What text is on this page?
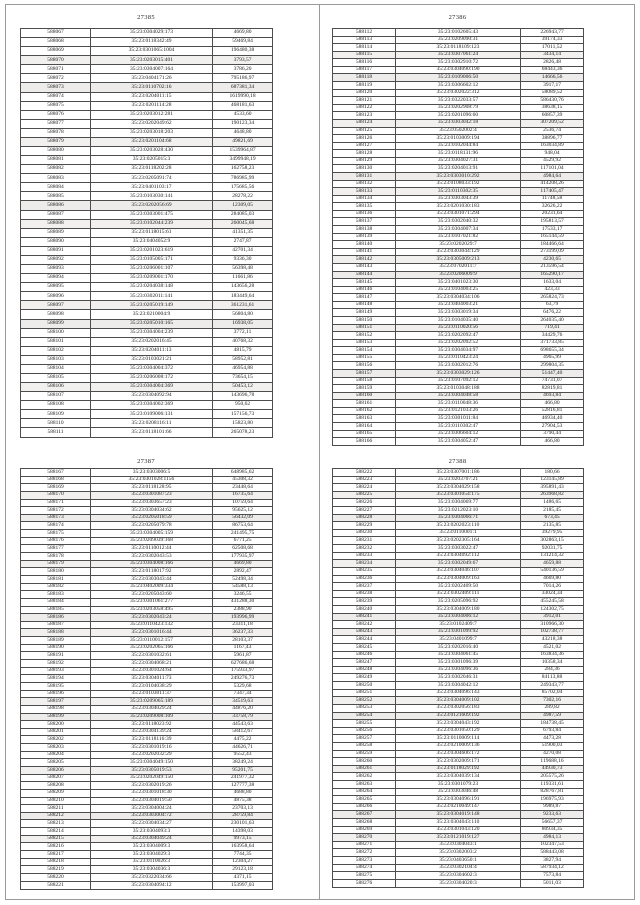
27385
588067	35:23:0304029:173	4669,80
588068	35:23:0118342:49	59469,84
588069	35:23:0301065:1004	196480,38
588070	35:23:0203015:401	3793,57
588071	35:23:0304007:164	3786,20
588072	35:23:0404171:26	795186,97
588073	35:23:0110702:16	687381,34
588074	35:23:0204011:15	1619990,18
588075	35:23:0201114:28	468181,63
588076	35:23:0203012:281	4533,60
588077	35:23:0202049:62	190123,34
588078	35:23:0203018:203	4648,80
588079	35:23:0201104:68	49821,69
588080	35:23:0203028:430	1539964,87
588081	35:23:0205015:3	3499948,19
588082	35:23:0118202:28	162758,23
588083	35:23:0205091:74	786985,99
588084	35:23:0401103:17	175685,56
588085	35:23:0103030:141	28278,22
588086	35:23:0202056:69	12309,05
588087	35:23:0303001:475	284085,03
588088	35:23:0102044:239	260045,68
588089	35:23:0118015:61	41351,35
588090	35:23:0404052:9	2747,87
588091	35:23:0201023:619	42701,34
588092	35:23:0105005:171	9336,30
588093	35:23:0206001:107	56398,48
588094	35:23:0209001:170	11661,86
588095	35:23:0204038:148	143656,28
588096	35:23:0302011:141	183449,64
588097	35:23:0205019:149	361231,61
588098	35:23:0210004:9	56804,80
588099	35:23:0205010:165	16938,05
588100	35:23:0304004:239	3772,11
588101	35:23:0202016:45	40768,32
588102	35:23:0204011:13	4815,79
588103	35:23:0103021:21	58952,81
588104	35:23:0304004:372	46954,88
588105	35:23:0206008:172	73654,15
588106	35:23:0304004:369	50453,12
588107	35:23:0304092:94	143696,78
588108	35:23:0304002:369	950,62
588109	35:23:0109006:131	157156,73
588110	35:23:0208116:11	15823,80
588111	35:23:0118101:66	265078,23
27386
588112	35:23:0102605:43	226943,77
588113	35:23:0209090:31	39174,33
588114	35:23:0118109:123	17011,52
588115	35:23:0307061:24	3434,14
588116	35:23:0302910:72	2826,48
588117	35:23:0304090:190	68443,36
588118	35:23:0109006:50	14666,56
588119	35:23:0306602:12	3917,17
588120	35:23:0302022:312	58089,52
588121	35:23:0322033:57	586430,76
588122	35:23:0202908:79	38638,15
588123	35:23:0201096:60	60857,39
588124	35:23:0303042:18	307209,52
588125	35:23:0502002:4	2536,74
588126	35:23:0103009:194	38896,77
588127	35:23:0102044:84	163034,89
588128	35:23:0118131:96	948,04
588129	35:23:0304027:31	4529,92
588130	35:23:0204013:91	117101,04
588131	35:23:0303010:292	4984,64
588132	35:23:0108033:192	414208,26
588133	35:23:0110302:35	117405,47
588134	35:23:0303043:39	11748,58
588135	35:23:0201030:183	32626,22
588136	35:23:0301071:294	20231,64
588137	35:23:0302040:32	195813,57
588138	35:23:0304007:34	17533,17
588139	35:23:0107021:82	165144,59
588140	35:23:0202029:7	184466,64
588141	35:23:0303044:129	273199,09
588142	35:23:0305009:213	4230,65
588143	35:23:0702011:7	213596,54
588144	35:23:0206009:9	165290,17
588145	35:23:0401023:30	1633,04
588146	35:23:0104003:25	423,33
588147	35:23:0304034:106	265824,73
588148	35:23:0404003:21	63,79
588149	35:23:0303019:34	6476,22
588150	35:23:0104035:40	264035,40
588151	35:23:0110020:56	719,41
588152	35:23:0202092:47	34429,76
588153	35:23:0202092:52	371733,85
588154	35:23:0304034:97	698655,34
588155	35:23:0110423:24	4965,99
588156	35:23:0302012:76	299804,35
588157	35:23:0303029:126	51447,40
588158	35:23:0107092:12	74731,07
588159	35:23:0103048:188	82819,81
588160	35:23:0304048:58	4693,84
588161	35:23:0110048:36	466,80
588162	35:23:0121033:26	52816,81
588163	35:23:0301011:84	46934,40
588164	35:23:0110302:47	27904,53
588165	35:23:0306604:12	3790,44
588166	35:23:0304052:47	466,80
27387
588167	35:23:0303006:5	648985,62
588168	35:23:0301028:1156	45308,32
588169	35:23:0118128:95	23448,64
588170	35:23:0301087:23	16735,64
588171	35:23:0303657:23	10759,64
588172	35:23:0304034:62	95625,12
588173	35:23:0205018:59	56432,09
588174	35:23:0205079:78	86753,64
588175	35:23:0304005:159	241495,75
588176	35:23:0209039:168	6771,25
588177	35:23:0110012:44	62508,68
588178	35:23:0302043:53	177935,97
588179	35:23:0304008:166	4669,80
588180	35:23:0118017:92	2892,47
588181	35:23:0303043:44	52498,34
588182	35:23:0402009:334	54588,13
588183	35:23:0205043:60	3246,55
588184	35:23:0301061:277	431288,30
588185	35:23:0203058:495	2388,90
588186	35:23:0302043:24	193996,99
588187	35:23:0110423:132	23311,18
588188	35:23:0301016:44	36237,33
588189	35:23:0110012:157	28103,37
588190	35:23:0202065:166	1167,43
588191	35:23:0301032:61	5961,87
588192	35:23:0304068:21	627686,68
588193	35:23:0301024:64	175933,97
588194	35:23:0304011:73	249276,73
588195	35:23:0104038:29	5329,68
588196	35:23:0103011:37	7347,34
588197	35:23:0209065:189	34519,63
588198	35:23:0304029:24	44876,20
588199	35:23:0209008:109	33758,79
588200	35:23:0118023:92	44543,63
588201	35:23:0304139:24	58412,67
588202	35:23:0118116:39	4475,22
588203	35:23:0301019:16	44626,71
588204	35:23:0202032:29	9552,43
588205	35:23:0304049:150	38249,24
588206	35:23:0305019:53	95201,75
588207	35:23:0202049:150	241977,32
588208	35:23:0302019:26	127777,38
588209	35:23:0301018:30	4688,80
588210	35:23:0304019:50	4875,38
588211	35:23:0304004:24	23703,13
588212	35:23:0303004:72	28759,84
588213	35:23:0304034:27	230101,63
588214	35:23:0304093:3	14398,03
588215	35:23:0304049:24	9973,15
588216	35:23:0304009:3	163958,64
588217	35:23:0304029:3	7744,35
588218	35:23:0110026:3	12304,27
588219	35:23:0304036:3	29123,18
588220	35:23:0322034:66	4371,15
588221	35:23:0304094:12	153997,03
27388
588222	35:23:0307001:186	180,66
588223	35:23:0203707:21	123145,89
588224	35:23:0304029:158	395891,43
588225	35:23:0301054:175	263968,82
588226	35:23:0304069:77	1486,65
588227	35:23:0212023:10	2185,45
588228	35:23:0304066:71	673,45
588229	35:23:0202023:110	2135,85
588230	35:23:0110001:1	39279,95
588231	35:23:0202305:164	302863,15
588232	35:23:0303022:47	92031,75
588233	35:23:0304092:112	131214,32
588234	35:23:0302049:67	4659,88
588235	35:23:0304046:107	540136,59
588236	35:23:0304009:163	4669,80
588237	35:23:0202409:50	7014,26
588238	35:23:0302409:111	33024,34
588239	35:23:0205096:92	455245,58
588240	35:23:0304009:180	124302,75
588241	35:23:0304006:12	3912,01
588242	35:23:0102409:7	310966,30
588243	35:23:0301099:92	102738,77
588244	35:23:0401099:7	43218,38
588245	35:23:0202016:40	4521,02
588246	35:23:0304061:45	163834,36
588247	35:23:0301096:39	10358,34
588248	35:23:0304096:36	284,36
588249	35:23:0302046:31	84113,88
588250	35:23:0304042:12	249343,77
588251	35:23:0304096:143	85702,04
588252	35:23:0304009:102	7302,16
588253	35:23:0302056:183	289,82
588254	35:23:0121609:192	4987,59
588255	35:23:0304043:192	184738,45
588256	35:23:0301050:129	6793,84
588257	35:23:0110009:114	4473,28
588258	35:23:0210009:136	51900,03
588259	35:23:0304606:172	4270,08
588260	35:23:0302009:171	119688,16
588261	35:23:0118029:192	44930,73
588262	35:23:0304039:134	205575,26
588263	35:23:0301079:23	119331,61
588264	35:23:0303046:48	828767,81
588265	35:23:0304096:191	196975,93
588266	35:23:0210049:147	9989,87
588267	35:23:0304019:148	9233,63
588268	35:23:0304043:110	56657,37
588269	35:23:0301043:120	80934,35
588270	35:23:0121019:127	4984,13
588271	35:23:0304043:1	102347,53
588272	35:23:0302003:2	588443,08
588273	35:23:0403650:1	3827,94
588274	35:23:0302104:4	587934,12
588275	35:23:0304602:3	7573,84
588276	35:23:0304020:3	5011,03
